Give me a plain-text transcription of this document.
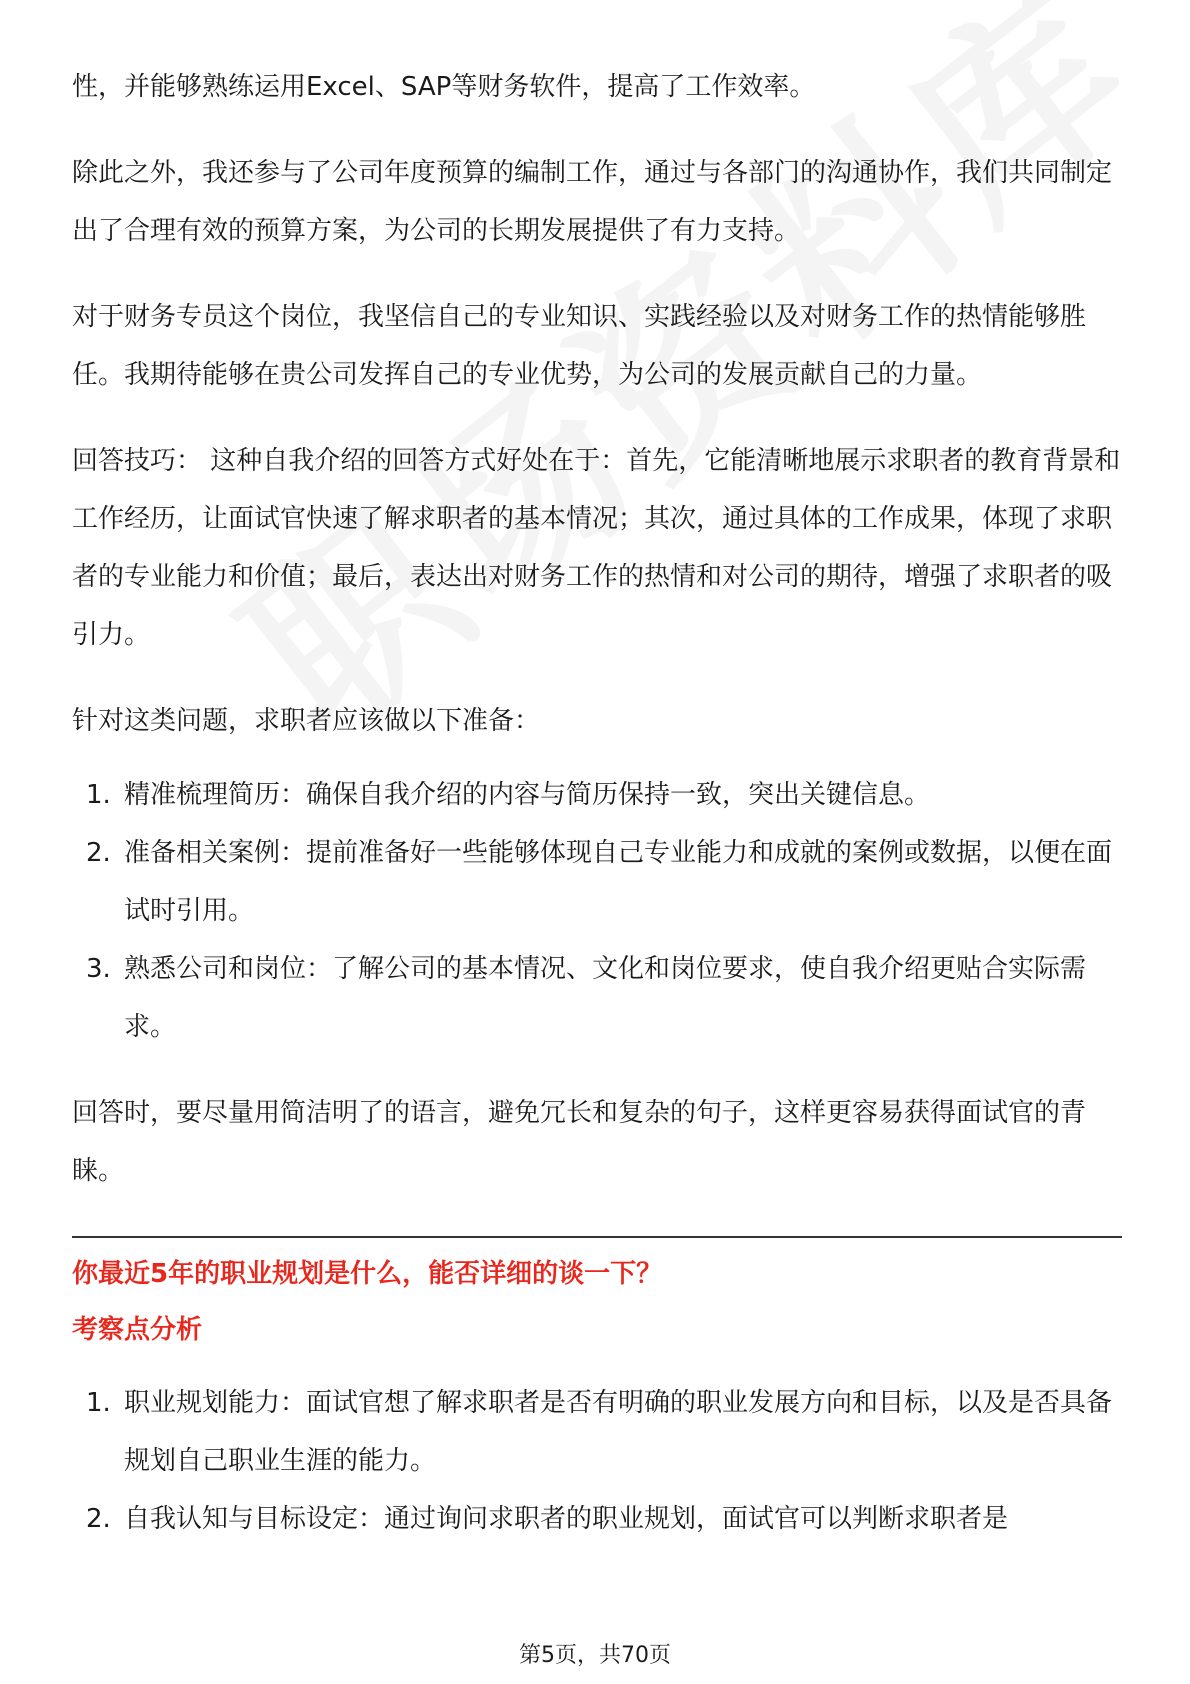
性，并能够熟练运用Excel、SAP等财务软件，提高了工作效率。

除此之外，我还参与了公司年度预算的编制工作，通过与各部门的沟通协作，我们共同制定出了合理有效的预算方案，为公司的长期发展提供了有力支持。

对于财务专员这个岗位，我坚信自己的专业知识、实践经验以及对财务工作的热情能够胜任。我期待能够在贵公司发挥自己的专业优势，为公司的发展贡献自己的力量。

回答技巧： 这种自我介绍的回答方式好处在于：首先，它能清晰地展示求职者的教育背景和工作经历，让面试官快速了解求职者的基本情况；其次，通过具体的工作成果，体现了求职者的专业能力和价值；最后，表达出对财务工作的热情和对公司的期待，增强了求职者的吸引力。

针对这类问题，求职者应该做以下准备：

1. 精准梳理简历：确保自我介绍的内容与简历保持一致，突出关键信息。
2. 准备相关案例：提前准备好一些能够体现自己专业能力和成就的案例或数据，以便在面试时引用。
3. 熟悉公司和岗位：了解公司的基本情况、文化和岗位要求，使自我介绍更贴合实际需求。

回答时，要尽量用简洁明了的语言，避免冗长和复杂的句子，这样更容易获得面试官的青睐。

你最近5年的职业规划是什么，能否详细的谈一下？

考察点分析

1. 职业规划能力：面试官想了解求职者是否有明确的职业发展方向和目标，以及是否具备规划自己职业生涯的能力。
2. 自我认知与目标设定：通过询问求职者的职业规划，面试官可以判断求职者是
第5页，共70页
